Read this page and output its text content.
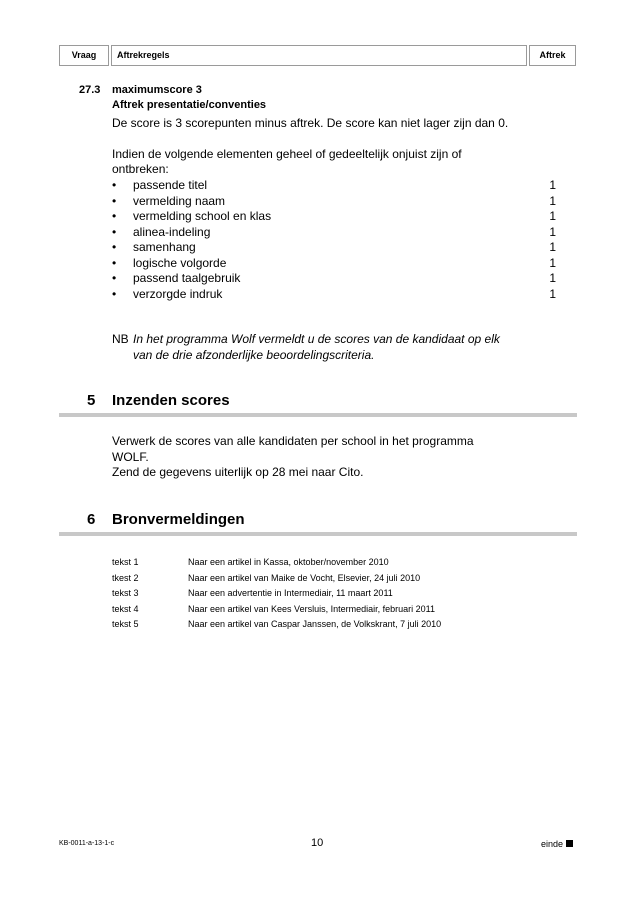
Vraag	Aftrekregels	Aftrek
27.3 maximumscore 3
Aftrek presentatie/conventies
De score is 3 scorepunten minus aftrek. De score kan niet lager zijn dan 0.
Indien de volgende elementen geheel of gedeeltelijk onjuist zijn of
ontbreken:
• passende titel	1
• vermelding naam	1
• vermelding school en klas	1
• alinea-indeling	1
• samenhang	1
• logische volgorde	1
• passend taalgebruik	1
• verzorgde indruk	1
NB In het programma Wolf vermeldt u de scores van de kandidaat op elk
van de drie afzonderlijke beoordelingscriteria.
5 Inzenden scores
Verwerk de scores van alle kandidaten per school in het programma
WOLF.
Zend de gegevens uiterlijk op 28 mei naar Cito.
6 Bronvermeldingen
tekst 1	Naar een artikel in Kassa, oktober/november 2010
tkest 2	Naar een artikel van Maike de Vocht, Elsevier, 24 juli 2010
tekst 3	Naar een advertentie in Intermediair, 11 maart 2011
tekst 4	Naar een artikel van Kees Versluis, Intermediair, februari 2011
tekst 5	Naar een artikel van Caspar Janssen, de Volkskrant, 7 juli 2010
KB-0011-a-13-1-c	10	einde
